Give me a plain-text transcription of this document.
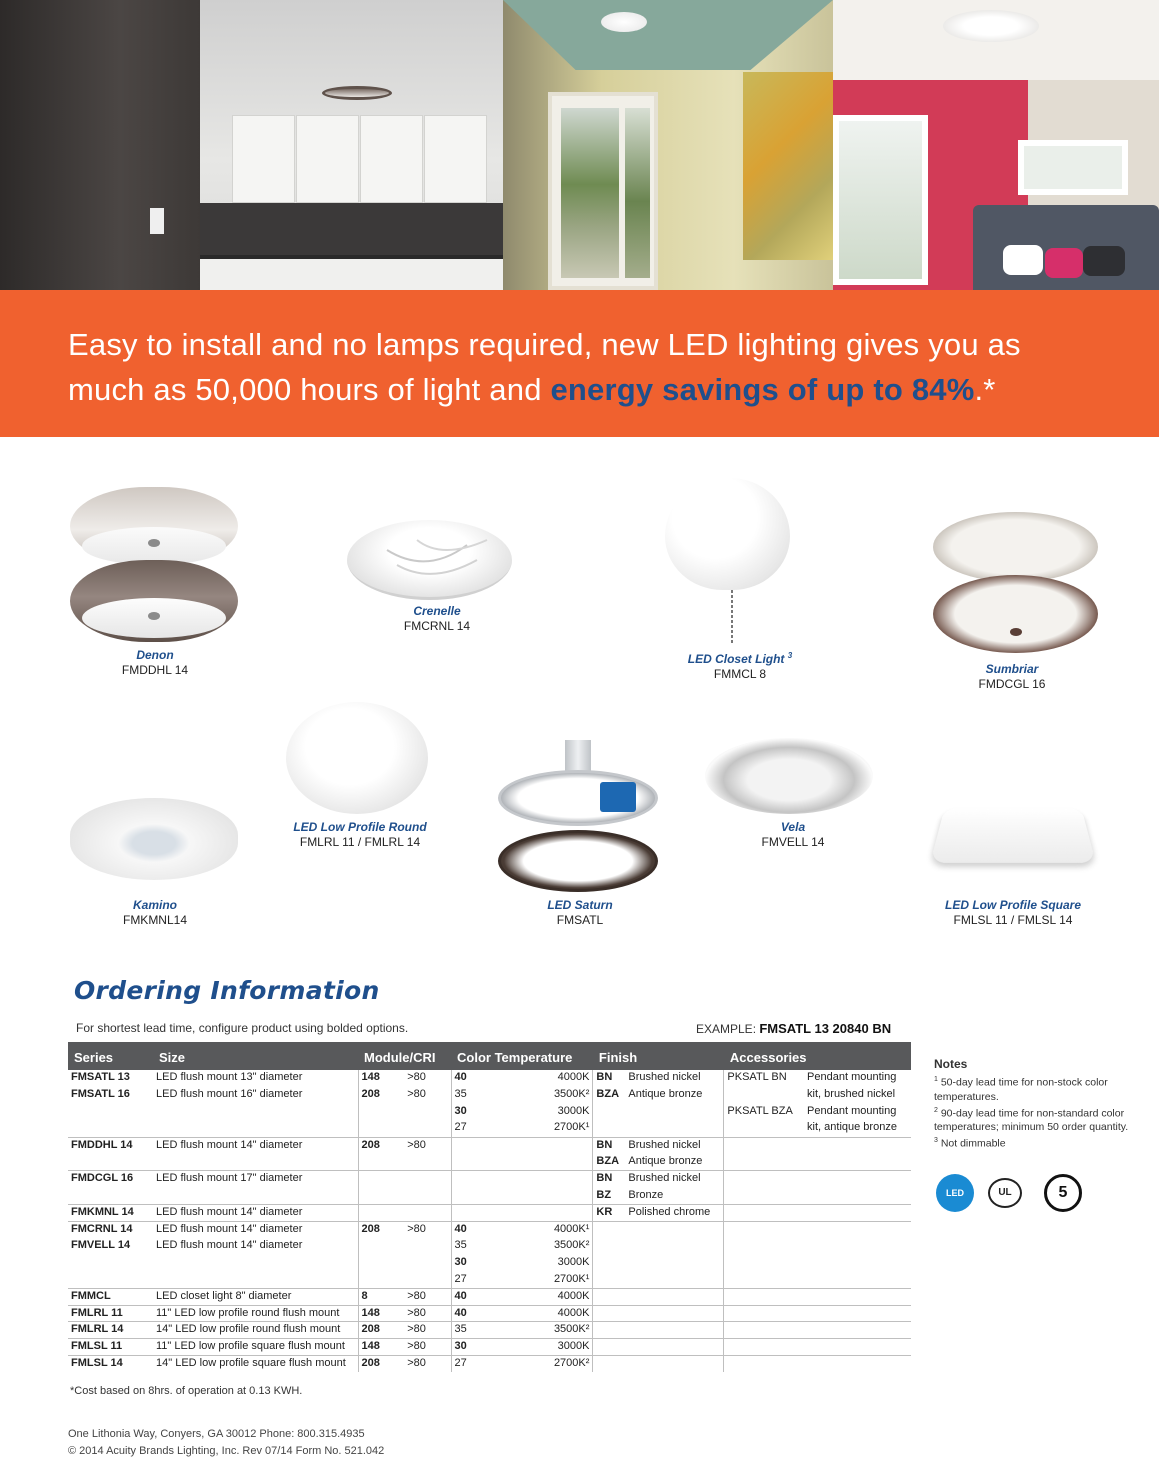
Easy to install and no lamps required, new LED lighting gives you as much as 50,000 hours of light and energy savings of up to 84%.*

Denon
FMDDHL 14
Crenelle
FMCRNL 14
LED Closet Light $^3$
FMMCL 8	Sumbriar
FMDCGL 16
Kamino
FMKMNL14
LED Low Profile Round
FMLRL 11 / FMLRL 14
LED Saturn
FMSATL
Vela
FMVELL 14
LED Low Profile Square
FMLSL 11 / FMLSL 14
Ordering Information

For shortest lead time, configure product using bolded options.	EXAMPLE: FMSATL 13 20840 BN

Series	Size	Module/CRI		Color Temperature		Finish		Accessories	
FMSATL 13	LED flush mount 13" diameter	148	>80	40	4000K	BN	Brushed nickel	PKSATL BN	Pendant mounting
FMSATL 16	LED flush mount 16" diameter	208	>80	35	3500K²	BZA	Antique bronze		kit, brushed nickel
				30	3000K			PKSATL BZA	Pendant mounting
				27	2700K¹				kit, antique bronze
FMDDHL 14	LED flush mount 14" diameter	208	>80			BN	Brushed nickel		
						BZA	Antique bronze		
FMDCGL 16	LED flush mount 17" diameter					BN	Brushed nickel		
						BZ	Bronze		
FMKMNL 14	LED flush mount 14" diameter					KR	Polished chrome		
FMCRNL 14	LED flush mount 14" diameter	208	>80	40	4000K¹				
FMVELL 14	LED flush mount 14" diameter			35	3500K²				
				30	3000K				
				27	2700K¹				
FMMCL	LED closet light 8" diameter	8	>80	40	4000K				
FMLRL 11	11" LED low profile round flush mount	148	>80	40	4000K				
FMLRL 14	14" LED low profile round flush mount	208	>80	35	3500K²				
FMLSL 11	11" LED low profile square flush mount	148	>80	30	3000K				
FMLSL 14	14" LED low profile square flush mount	208	>80	27	2700K²				
Notes
$^1$ 50-day lead time for non-stock color temperatures.
$^2$ 90-day lead time for non-standard color temperatures; minimum 50 order quantity.
$^3$ Not dimmable
LED	UL	5

*Cost based on 8hrs. of operation at 0.13 KWH.

One Lithonia Way, Conyers, GA 30012 Phone: 800.315.4935

© 2014 Acuity Brands Lighting, Inc. Rev 07/14 Form No. 521.042
